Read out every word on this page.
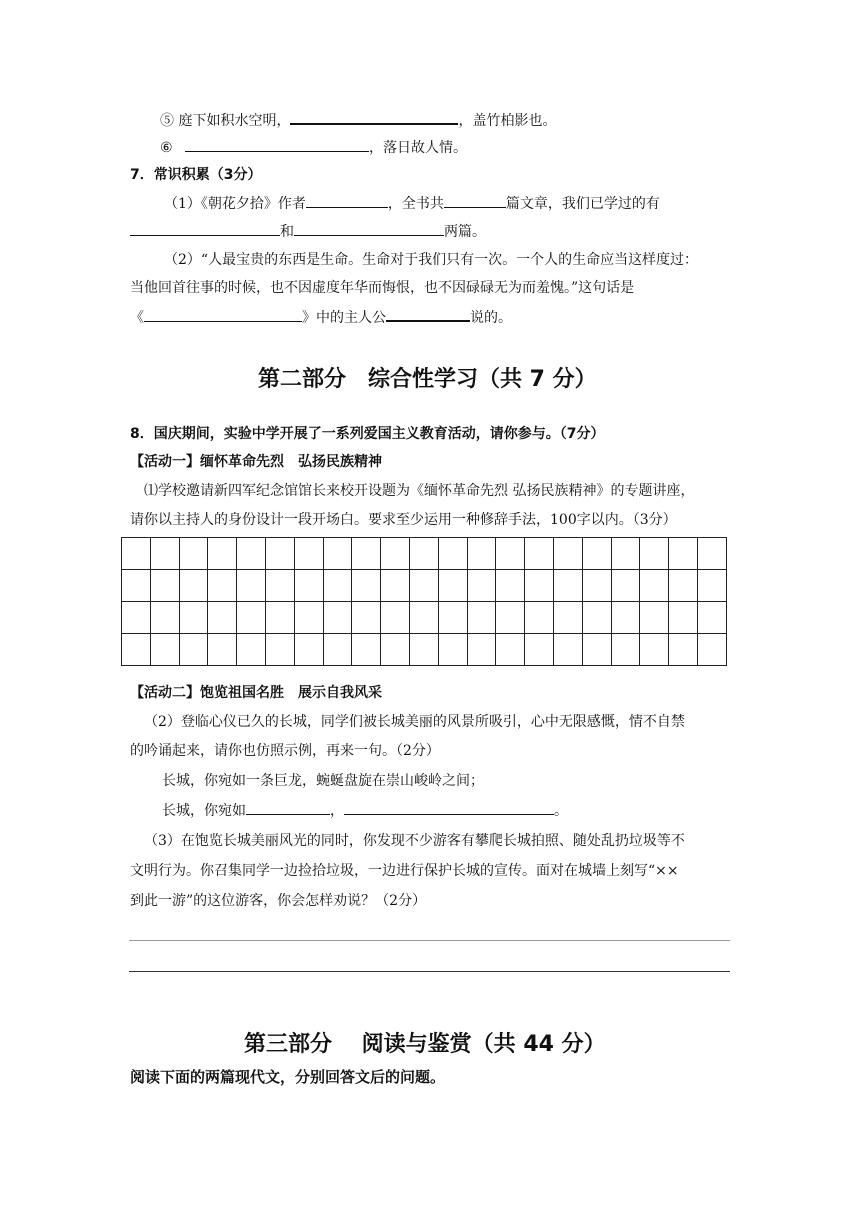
⑤ 庭下如积水空明，	，盖竹柏影也。
⑥	，落日故人情。
7．常识积累（3分）
（1）《朝花夕拾》作者	，全书共	篇文章，我们已学过的有
和	两篇。
（2）“人最宝贵的东西是生命。生命对于我们只有一次。一个人的生命应当这样度过：
当他回首往事的时候，也不因虚度年华而悔恨，也不因碌碌无为而羞愧。”这句话是
《	》中的主人公	说的。
第二部分　综合性学习（共 7 分）
8．国庆期间，实验中学开展了一系列爱国主义教育活动，请你参与。（7分）
【活动一】缅怀革命先烈　弘扬民族精神
⑴学校邀请新四军纪念馆馆长来校开设题为《缅怀革命先烈 弘扬民族精神》的专题讲座，
请你以主持人的身份设计一段开场白。要求至少运用一种修辞手法，100字以内。（3分）

【活动二】饱览祖国名胜　展示自我风采
（2）登临心仪已久的长城，同学们被长城美丽的风景所吸引，心中无限感慨，情不自禁
的吟诵起来，请你也仿照示例，再来一句。（2分）
长城，你宛如一条巨龙，蜿蜒盘旋在崇山峻岭之间；
长城，你宛如	，	。
（3）在饱览长城美丽风光的同时，你发现不少游客有攀爬长城拍照、随处乱扔垃圾等不
文明行为。你召集同学一边捡拾垃圾，一边进行保护长城的宣传。面对在城墙上刻写“××
到此一游”的这位游客，你会怎样劝说？（2分）
第三部分　 阅读与鉴赏（共 44 分）
阅读下面的两篇现代文，分别回答文后的问题。
